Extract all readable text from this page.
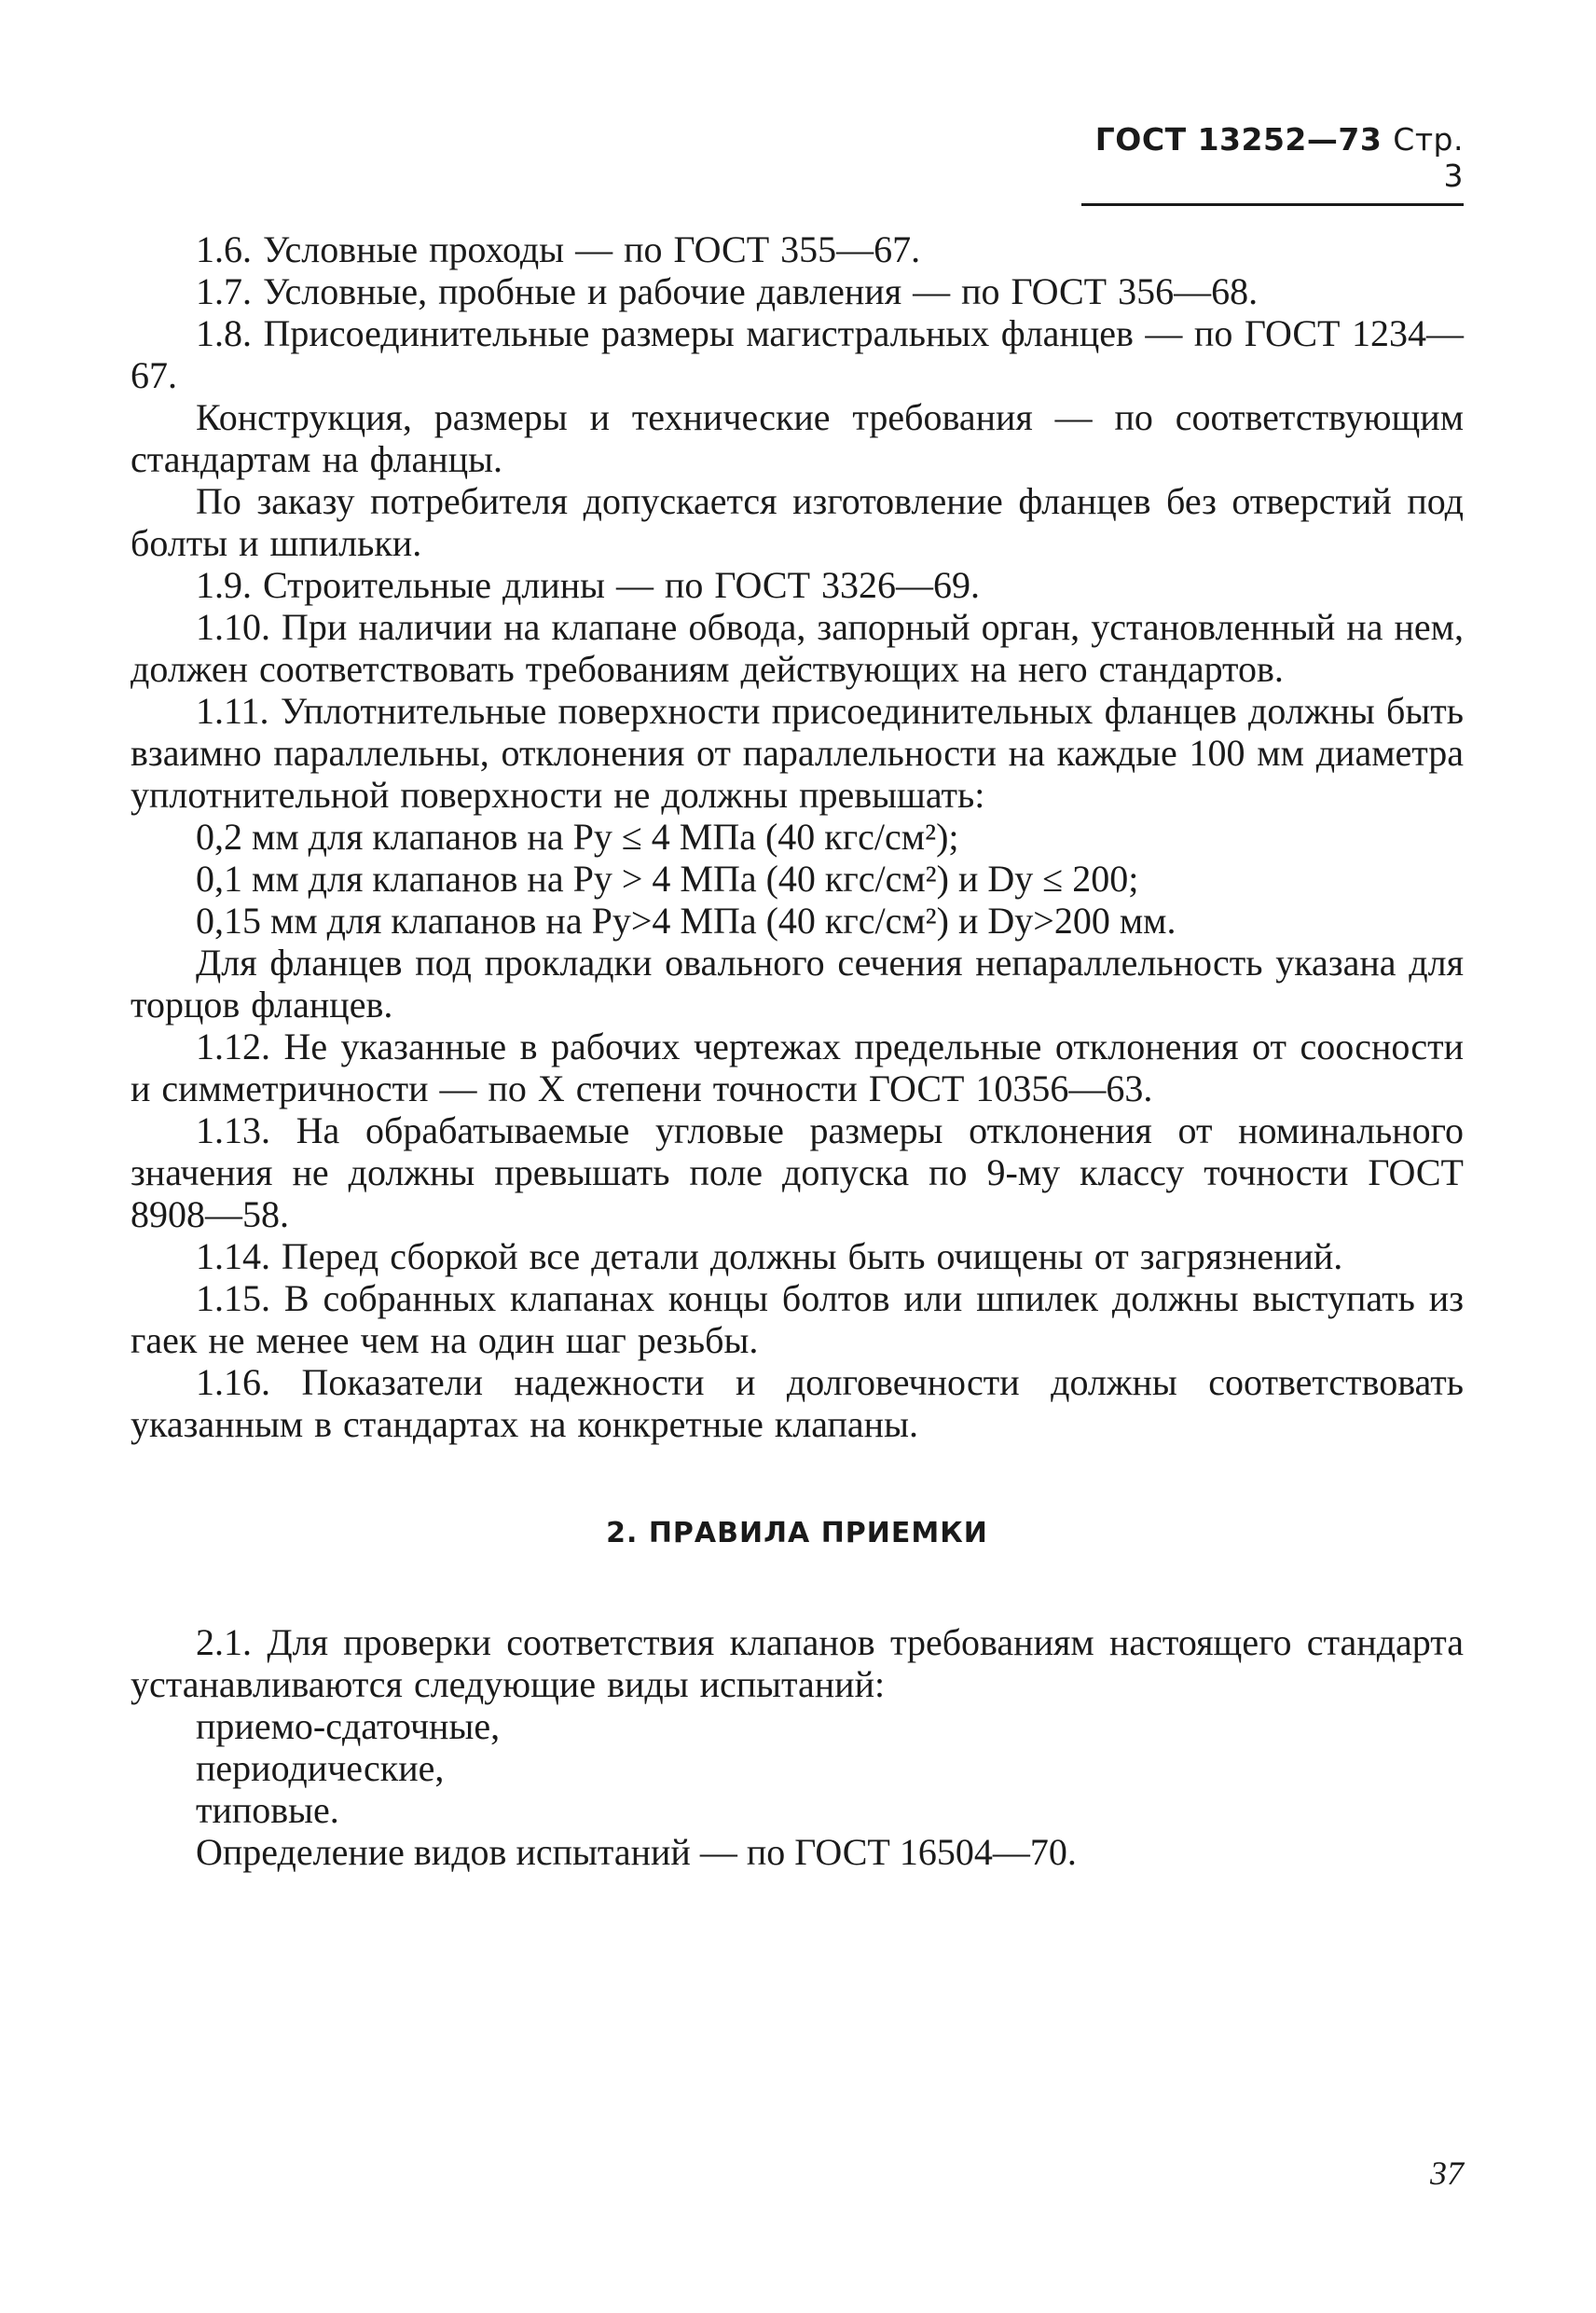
ГОСТ 13252—73 Стр. 3

1.6. Условные проходы — по ГОСТ 355—67.

1.7. Условные, пробные и рабочие давления — по ГОСТ 356—68.

1.8. Присоединительные размеры магистральных фланцев — по ГОСТ 1234—67.

Конструкция, размеры и технические требования — по соответствующим стандартам на фланцы.

По заказу потребителя допускается изготовление фланцев без отверстий под болты и шпильки.

1.9. Строительные длины — по ГОСТ 3326—69.

1.10. При наличии на клапане обвода, запорный орган, установленный на нем, должен соответствовать требованиям действующих на него стандартов.

1.11. Уплотнительные поверхности присоединительных фланцев должны быть взаимно параллельны, отклонения от параллельности на каждые 100 мм диаметра уплотнительной поверхности не должны превышать:

0,2 мм для клапанов на Pу ≤ 4 МПа (40 кгс/см²);

0,1 мм для клапанов на Pу > 4 МПа (40 кгс/см²) и Dу ≤ 200;

0,15 мм для клапанов на Pу>4 МПа (40 кгс/см²) и Dу>200 мм.

Для фланцев под прокладки овального сечения непараллельность указана для торцов фланцев.

1.12. Не указанные в рабочих чертежах предельные отклонения от соосности и симметричности — по X степени точности ГОСТ 10356—63.

1.13. На обрабатываемые угловые размеры отклонения от номинального значения не должны превышать поле допуска по 9-му классу точности ГОСТ 8908—58.

1.14. Перед сборкой все детали должны быть очищены от загрязнений.

1.15. В собранных клапанах концы болтов или шпилек должны выступать из гаек не менее чем на один шаг резьбы.

1.16. Показатели надежности и долговечности должны соответствовать указанным в стандартах на конкретные клапаны.

2. ПРАВИЛА ПРИЕМКИ

2.1. Для проверки соответствия клапанов требованиям настоящего стандарта устанавливаются следующие виды испытаний:

приемо-сдаточные,

периодические,

типовые.

Определение видов испытаний — по ГОСТ 16504—70.

37
